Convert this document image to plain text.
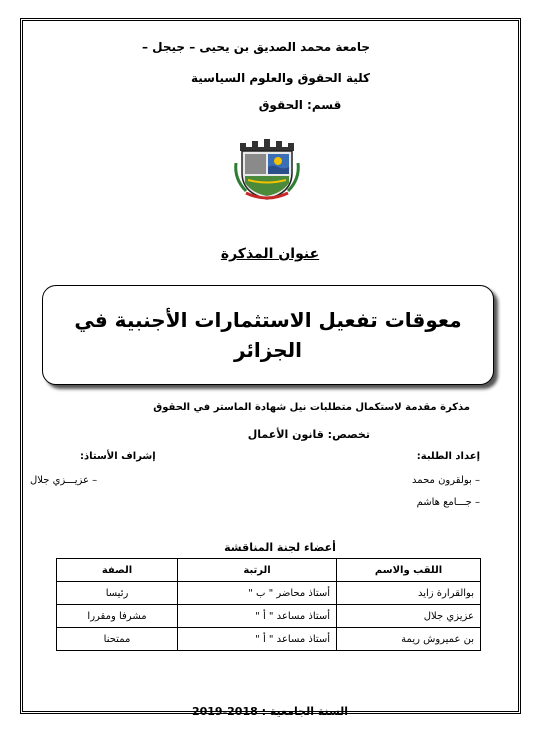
جامعة محمد الصديق بن يحيى – جيجل –
كلية الحقوق والعلوم السياسية
قسم: الحقوق
عنوان المذكرة
معوقات تفعيل الاستثمارات الأجنبية في
الجزائر
مذكرة مقدمة لاستكمال متطلبات نيل شهادة الماستر في الحقوق
تخصص: قانون الأعمال
إعداد الطلبة:
إشراف الأستاذ:
– بولقرون محمد
– جـــامع هاشم
– عزيـــزي جلال
أعضاء لجنة المناقشة
اللقب والاسم	الرتبة	الصفة
بوالقرارة زايد	أستاذ محاضر " ب "	رئيسا
عزيزي جلال	أستاذ مساعد " أ "	مشرفا ومقررا
بن عميروش ريمة	أستاذ مساعد " أ "	ممتحنا
السنة الجامعية : 2018-2019
